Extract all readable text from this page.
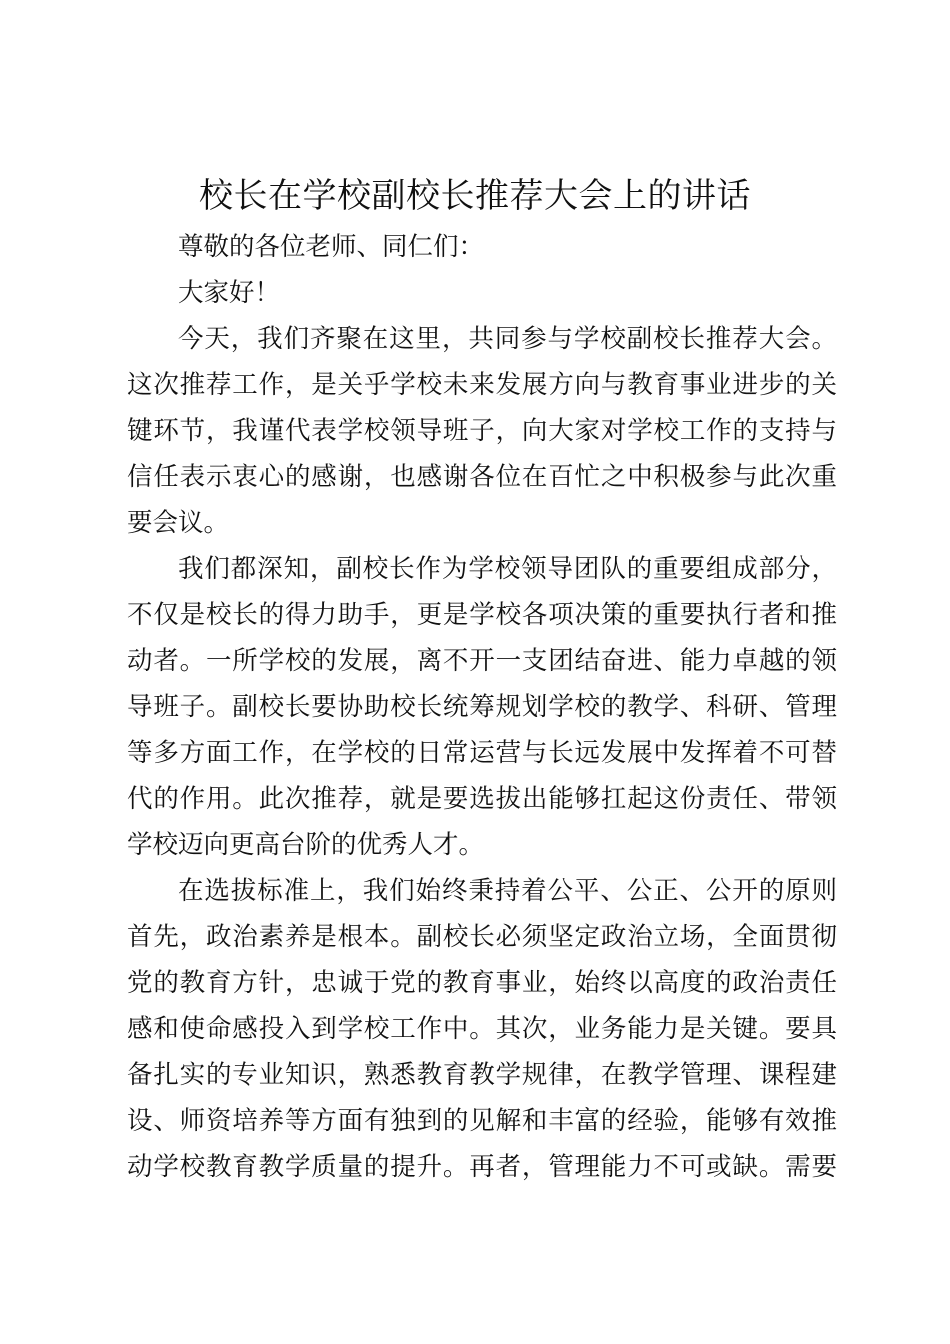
校长在学校副校长推荐大会上的讲话
尊敬的各位老师、同仁们：
大家好！
今天，我们齐聚在这里，共同参与学校副校长推荐大会。
这次推荐工作，是关乎学校未来发展方向与教育事业进步的关
键环节，我谨代表学校领导班子，向大家对学校工作的支持与
信任表示衷心的感谢，也感谢各位在百忙之中积极参与此次重
要会议。
我们都深知，副校长作为学校领导团队的重要组成部分，
不仅是校长的得力助手，更是学校各项决策的重要执行者和推
动者。一所学校的发展，离不开一支团结奋进、能力卓越的领
导班子。副校长要协助校长统筹规划学校的教学、科研、管理
等多方面工作，在学校的日常运营与长远发展中发挥着不可替
代的作用。此次推荐，就是要选拔出能够扛起这份责任、带领
学校迈向更高台阶的优秀人才。
在选拔标准上，我们始终秉持着公平、公正、公开的原则
首先，政治素养是根本。副校长必须坚定政治立场，全面贯彻
党的教育方针，忠诚于党的教育事业，始终以高度的政治责任
感和使命感投入到学校工作中。其次，业务能力是关键。要具
备扎实的专业知识，熟悉教育教学规律，在教学管理、课程建
设、师资培养等方面有独到的见解和丰富的经验，能够有效推
动学校教育教学质量的提升。再者，管理能力不可或缺。需要
